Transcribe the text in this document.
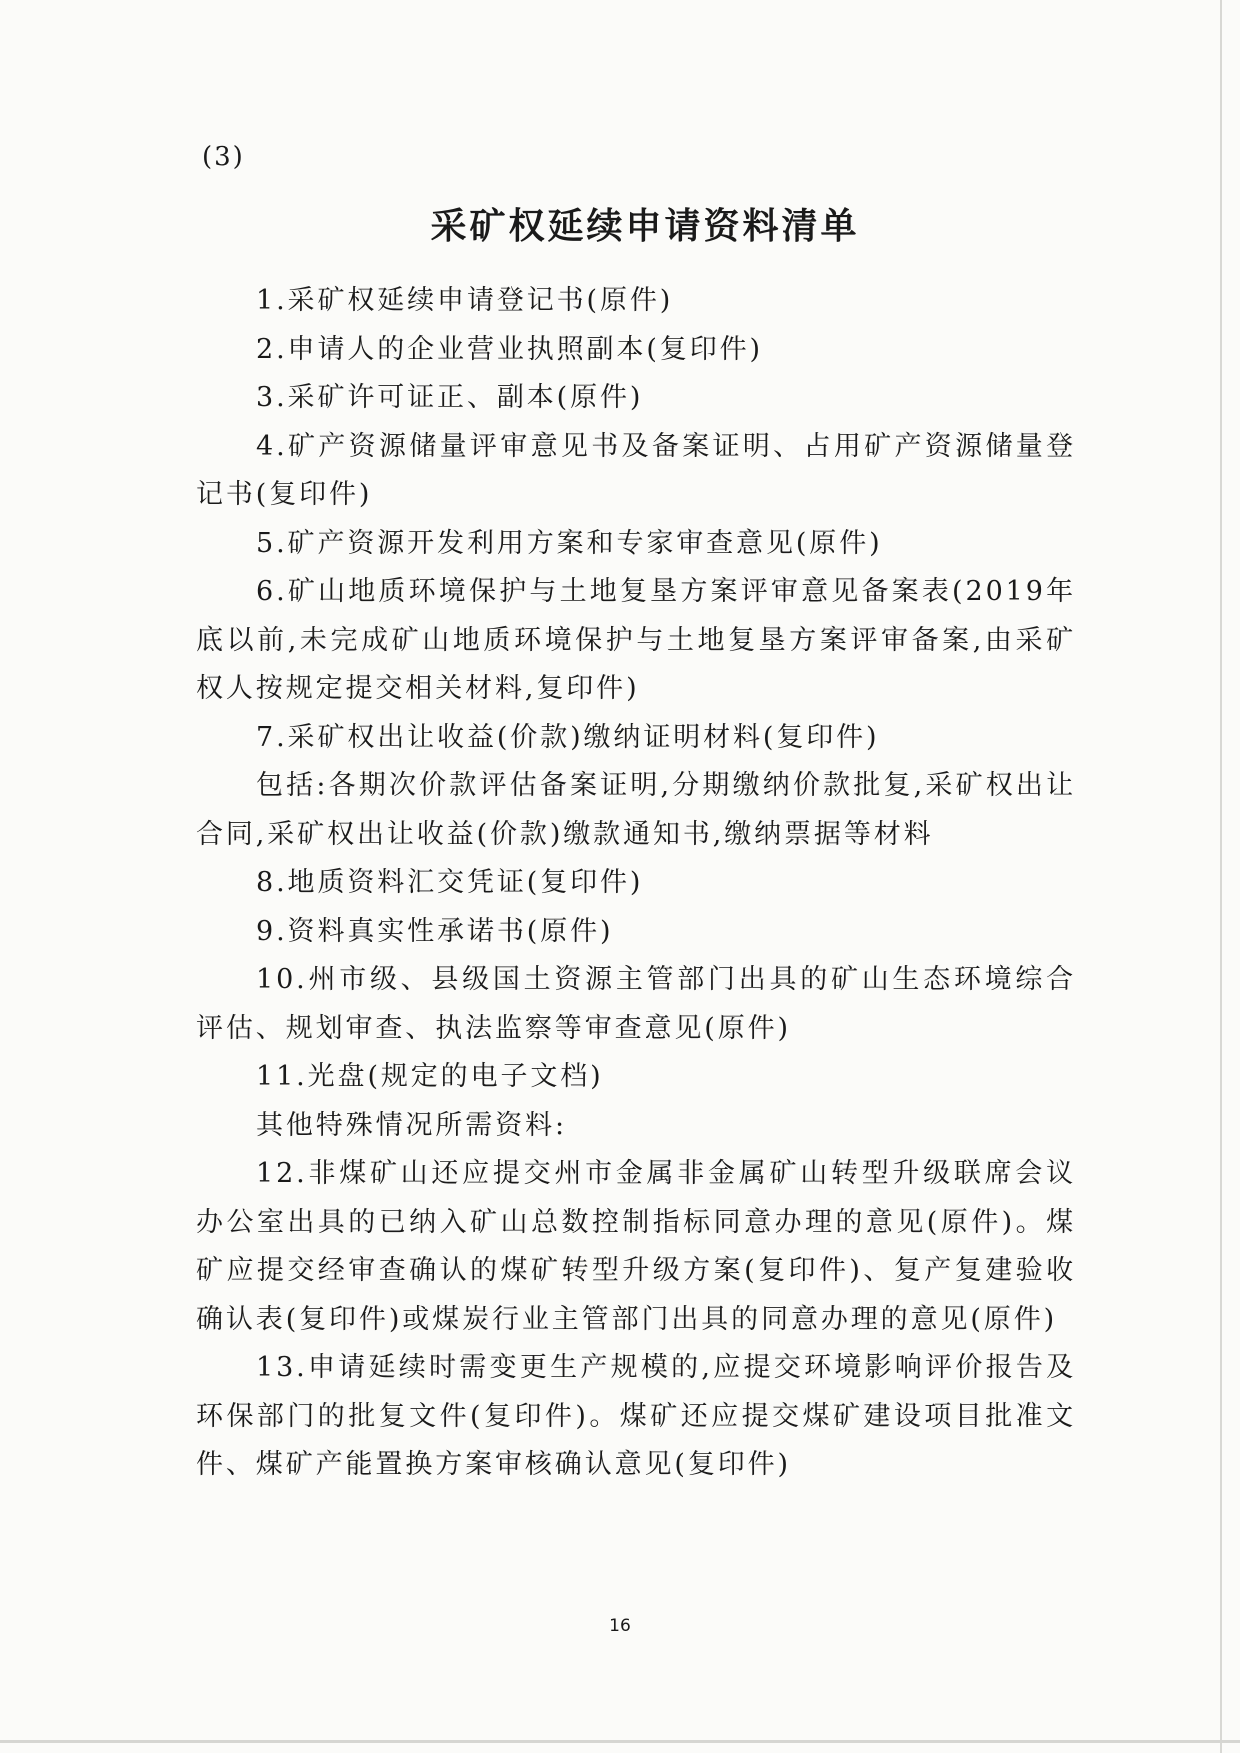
(3)
采矿权延续申请资料清单

1.采矿权延续申请登记书(原件)

2.申请人的企业营业执照副本(复印件)

3.采矿许可证正、副本(原件)

4.矿产资源储量评审意见书及备案证明、占用矿产资源储量登记书(复印件)

5.矿产资源开发利用方案和专家审查意见(原件)

6.矿山地质环境保护与土地复垦方案评审意见备案表(2019年底以前,未完成矿山地质环境保护与土地复垦方案评审备案,由采矿权人按规定提交相关材料,复印件)

7.采矿权出让收益(价款)缴纳证明材料(复印件)

包括:各期次价款评估备案证明,分期缴纳价款批复,采矿权出让合同,采矿权出让收益(价款)缴款通知书,缴纳票据等材料

8.地质资料汇交凭证(复印件)

9.资料真实性承诺书(原件)

10.州市级、县级国土资源主管部门出具的矿山生态环境综合评估、规划审查、执法监察等审查意见(原件)

11.光盘(规定的电子文档)

其他特殊情况所需资料:

12.非煤矿山还应提交州市金属非金属矿山转型升级联席会议办公室出具的已纳入矿山总数控制指标同意办理的意见(原件)。煤矿应提交经审查确认的煤矿转型升级方案(复印件)、复产复建验收确认表(复印件)或煤炭行业主管部门出具的同意办理的意见(原件)

13.申请延续时需变更生产规模的,应提交环境影响评价报告及环保部门的批复文件(复印件)。煤矿还应提交煤矿建设项目批准文件、煤矿产能置换方案审核确认意见(复印件)

16
